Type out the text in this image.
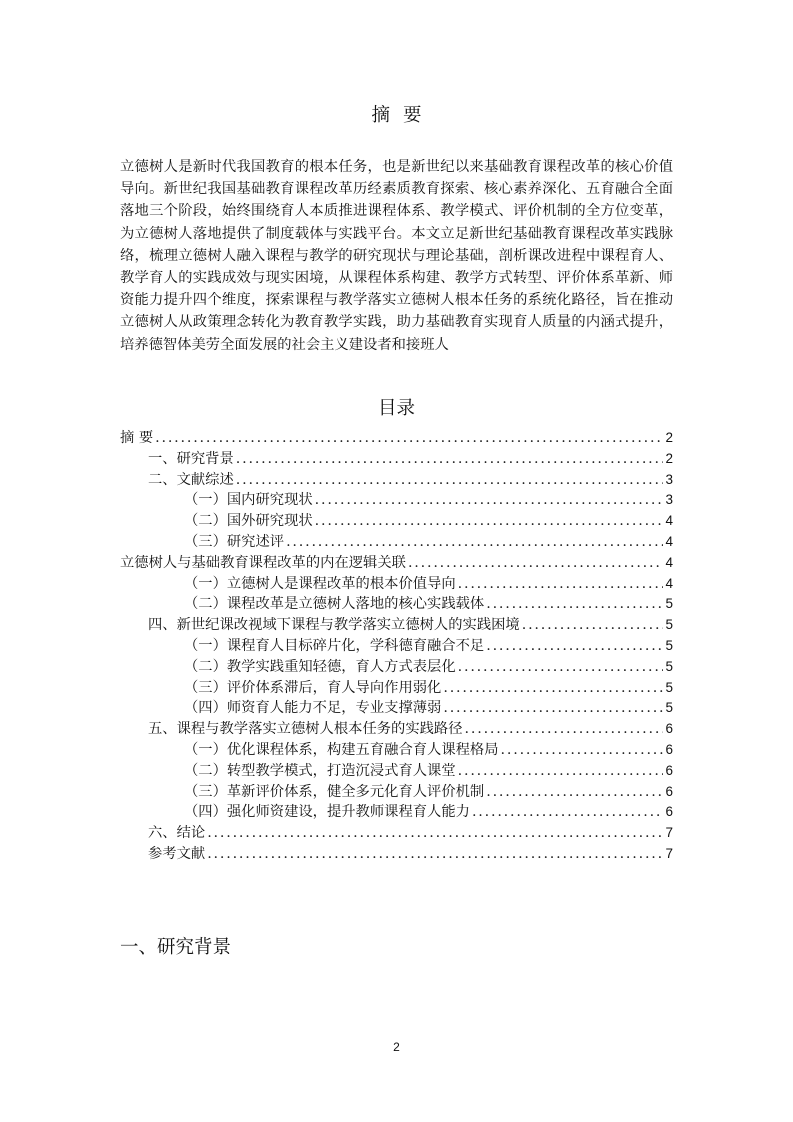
摘要
立德树人是新时代我国教育的根本任务，也是新世纪以来基础教育课程改革的核心价值导向。新世纪我国基础教育课程改革历经素质教育探索、核心素养深化、五育融合全面落地三个阶段，始终围绕育人本质推进课程体系、教学模式、评价机制的全方位变革，为立德树人落地提供了制度载体与实践平台。本文立足新世纪基础教育课程改革实践脉络，梳理立德树人融入课程与教学的研究现状与理论基础，剖析课改进程中课程育人、教学育人的实践成效与现实困境，从课程体系构建、教学方式转型、评价体系革新、师资能力提升四个维度，探索课程与教学落实立德树人根本任务的系统化路径，旨在推动立德树人从政策理念转化为教育教学实践，助力基础教育实现育人质量的内涵式提升，培养德智体美劳全面发展的社会主义建设者和接班人
目录
摘 要 .....	2
一、研究背景 .....	2
二、文献综述 .....	3
（一）国内研究现状 .....	3
（二）国外研究现状 .....	4
（三）研究述评 .....	4
立德树人与基础教育课程改革的内在逻辑关联 .....	4
（一）立德树人是课程改革的根本价值导向 .....	4
（二）课程改革是立德树人落地的核心实践载体 .....	5
四、新世纪课改视域下课程与教学落实立德树人的实践困境 .....	5
（一）课程育人目标碎片化，学科德育融合不足 .....	5
（二）教学实践重知轻德，育人方式表层化 .....	5
（三）评价体系滞后，育人导向作用弱化 .....	5
（四）师资育人能力不足，专业支撑薄弱 .....	5
五、课程与教学落实立德树人根本任务的实践路径 .....	6
（一）优化课程体系，构建五育融合育人课程格局 .....	6
（二）转型教学模式，打造沉浸式育人课堂 .....	6
（三）革新评价体系，健全多元化育人评价机制 .....	6
（四）强化师资建设，提升教师课程育人能力 .....	6
六、结论 .....	7
参考文献 .....	7
一、研究背景
2
